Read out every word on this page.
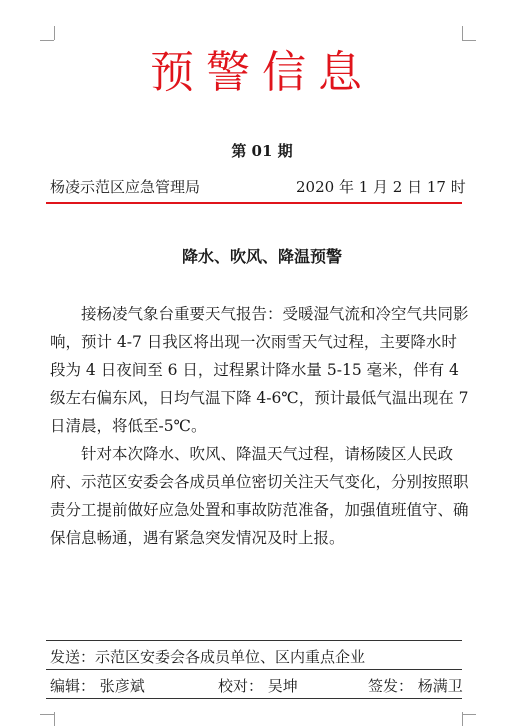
预警信息
第 01 期
杨凌示范区应急管理局	2020 年 1 月 2 日 17 时
降水、吹风、降温预警

接杨凌气象台重要天气报告：受暖湿气流和冷空气共同影响，预计 4-7 日我区将出现一次雨雪天气过程，主要降水时段为 4 日夜间至 6 日，过程累计降水量 5-15 毫米，伴有 4 级左右偏东风，日均气温下降 4-6℃，预计最低气温出现在 7 日清晨，将低至-5℃。

针对本次降水、吹风、降温天气过程，请杨陵区人民政府、示范区安委会各成员单位密切关注天气变化，分别按照职责分工提前做好应急处置和事故防范准备，加强值班值守、确保信息畅通，遇有紧急突发情况及时上报。

发送：示范区安委会各成员单位、区内重点企业
编辑： 张彦斌	校对： 吴坤	签发： 杨满卫
